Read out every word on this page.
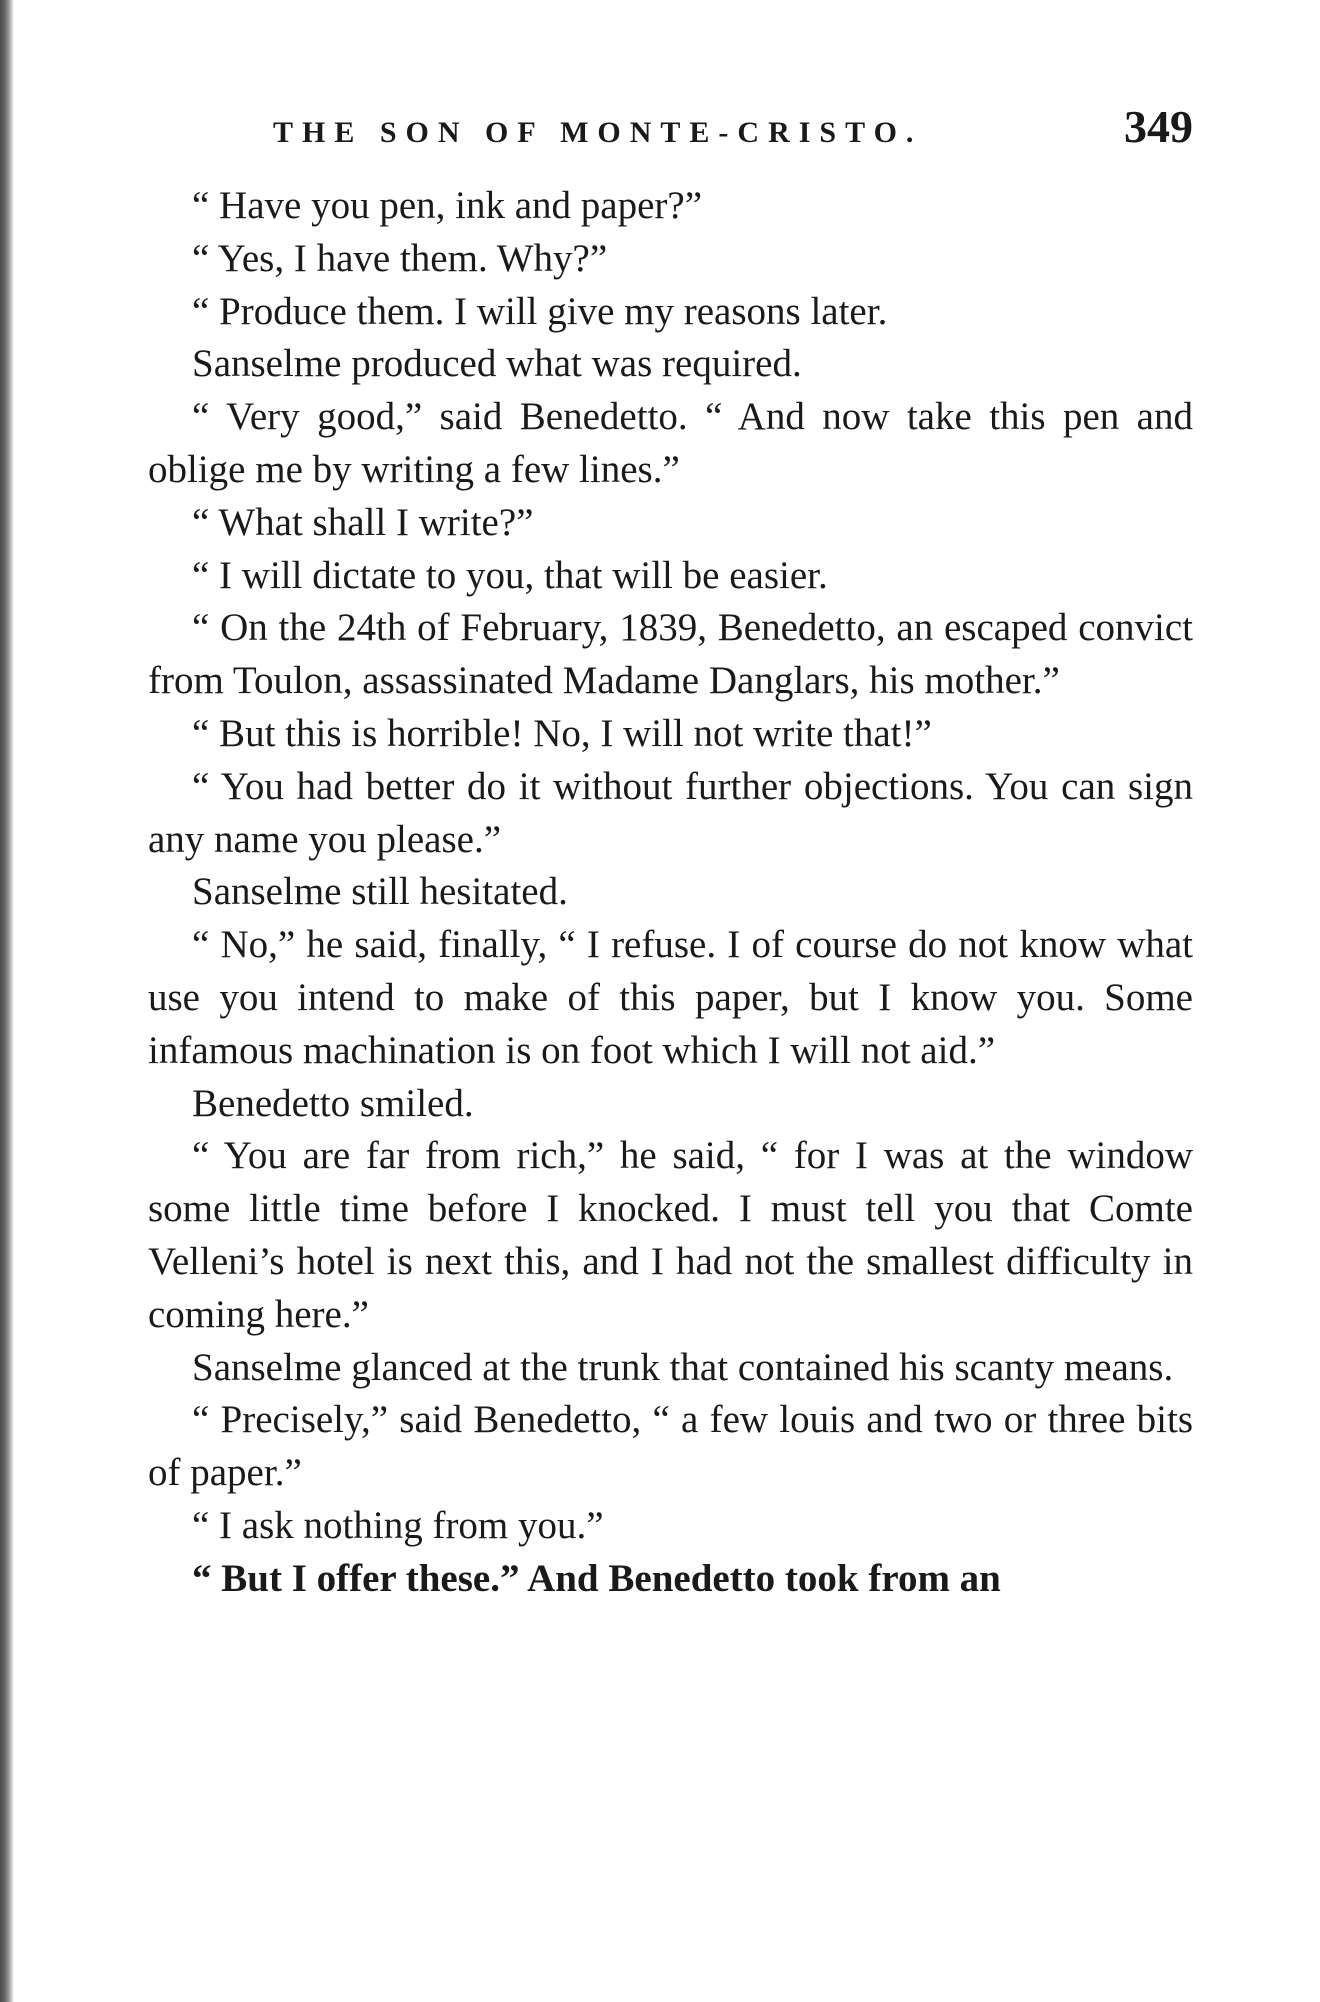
THE SON OF MONTE-CRISTO.	349

“ Have you pen, ink and paper?”

“ Yes, I have them. Why?”

“ Produce them. I will give my reasons later.

Sanselme produced what was required.

“ Very good,” said Benedetto. “ And now take this pen and oblige me by writing a few lines.”

“ What shall I write?”

“ I will dictate to you, that will be easier.

“ On the 24th of February, 1839, Benedetto, an escaped convict from Toulon, assassinated Madame Danglars, his mother.”

“ But this is horrible! No, I will not write that!”

“ You had better do it without further objections. You can sign any name you please.”

Sanselme still hesitated.

“ No,” he said, finally, “ I refuse. I of course do not know what use you intend to make of this paper, but I know you. Some infamous machination is on foot which I will not aid.”

Benedetto smiled.

“ You are far from rich,” he said, “ for I was at the window some little time before I knocked. I must tell you that Comte Velleni’s hotel is next this, and I had not the smallest difficulty in coming here.”

Sanselme glanced at the trunk that contained his scanty means.

“ Precisely,” said Benedetto, “ a few louis and two or three bits of paper.”

“ I ask nothing from you.”

“ But I offer these.” And Benedetto took from an
